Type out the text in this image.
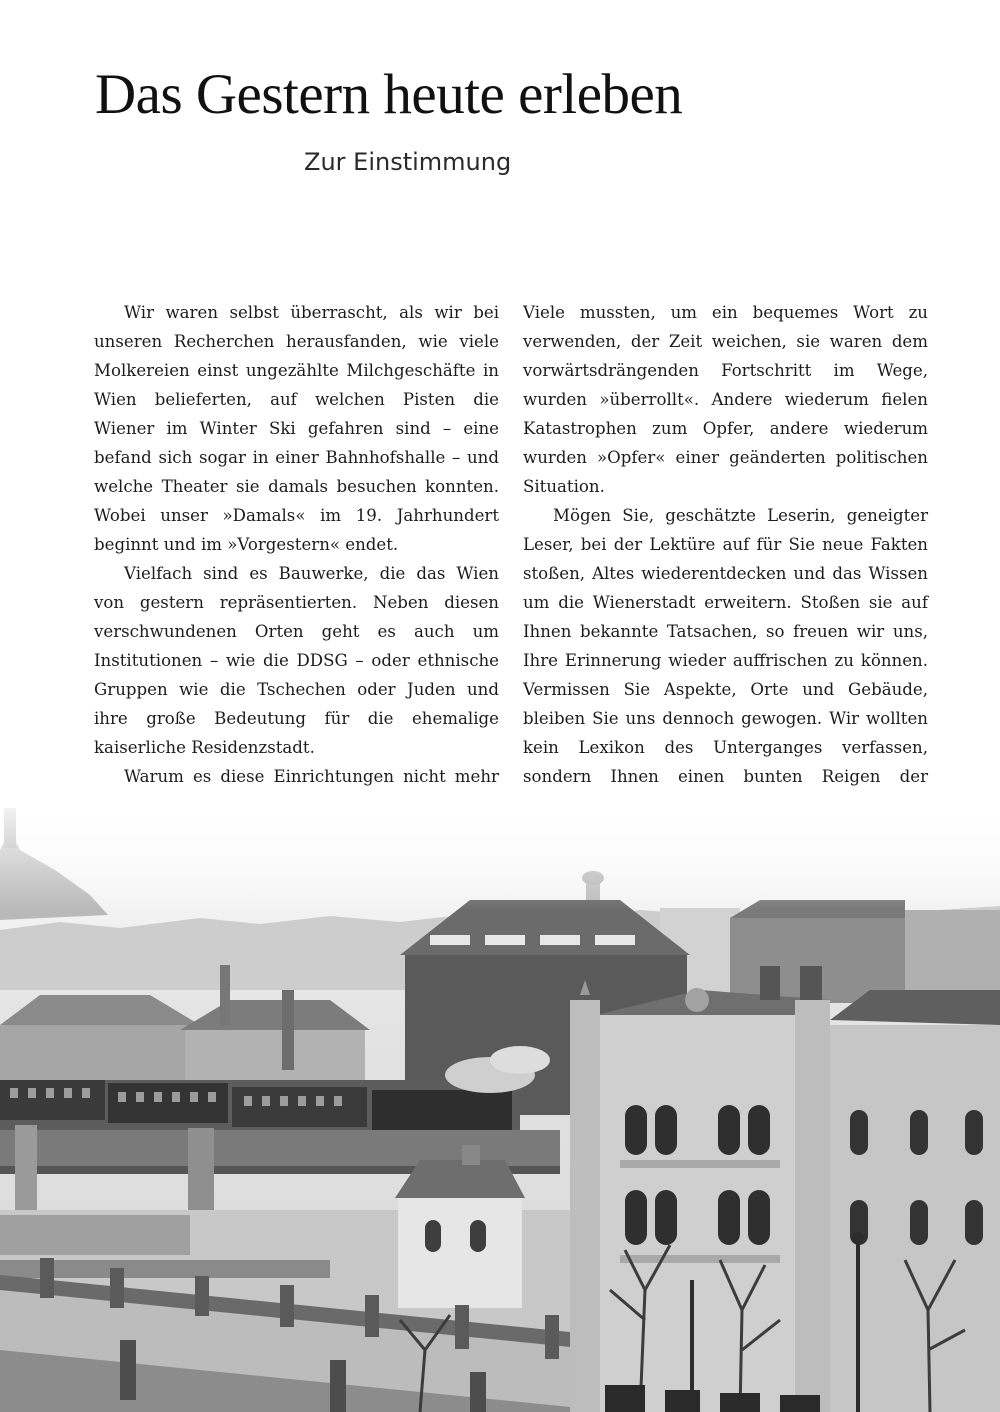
Das Gestern heute erleben
Zur Einstimmung

Wir waren selbst überrascht, als wir bei unseren Recherchen herausfanden, wie viele Molkereien einst ungezählte Milchgeschäfte in Wien belieferten, auf welchen Pisten die Wiener im Winter Ski gefahren sind – eine befand sich sogar in einer Bahnhofshalle – und welche Theater sie damals besuchen konnten. Wobei unser »Damals« im 19. Jahrhundert beginnt und im »Vorgestern« endet.

Vielfach sind es Bauwerke, die das Wien von gestern repräsentierten. Neben diesen verschwundenen Orten geht es auch um Institutionen – wie die DDSG – oder ethnische Gruppen wie die Tschechen oder Juden und ihre große Bedeutung für die ehemalige kaiserliche Residenzstadt.

Warum es diese Einrichtungen nicht mehr

Viele mussten, um ein bequemes Wort zu verwenden, der Zeit weichen, sie waren dem vorwärtsdrängenden Fortschritt im Wege, wurden »überrollt«. Andere wiederum fielen Katastrophen zum Opfer, andere wiederum wurden »Opfer« einer geänderten politischen Situation.

Mögen Sie, geschätzte Leserin, geneigter Leser, bei der Lektüre auf für Sie neue Fakten stoßen, Altes wiederentdecken und das Wissen um die Wienerstadt erweitern. Stoßen sie auf Ihnen bekannte Tatsachen, so freuen wir uns, Ihre Erinnerung wieder auffrischen zu können. Vermissen Sie Aspekte, Orte und Gebäude, bleiben Sie uns dennoch gewogen. Wir wollten kein Lexikon des Unterganges verfassen, sondern Ihnen einen bunten Reigen der
